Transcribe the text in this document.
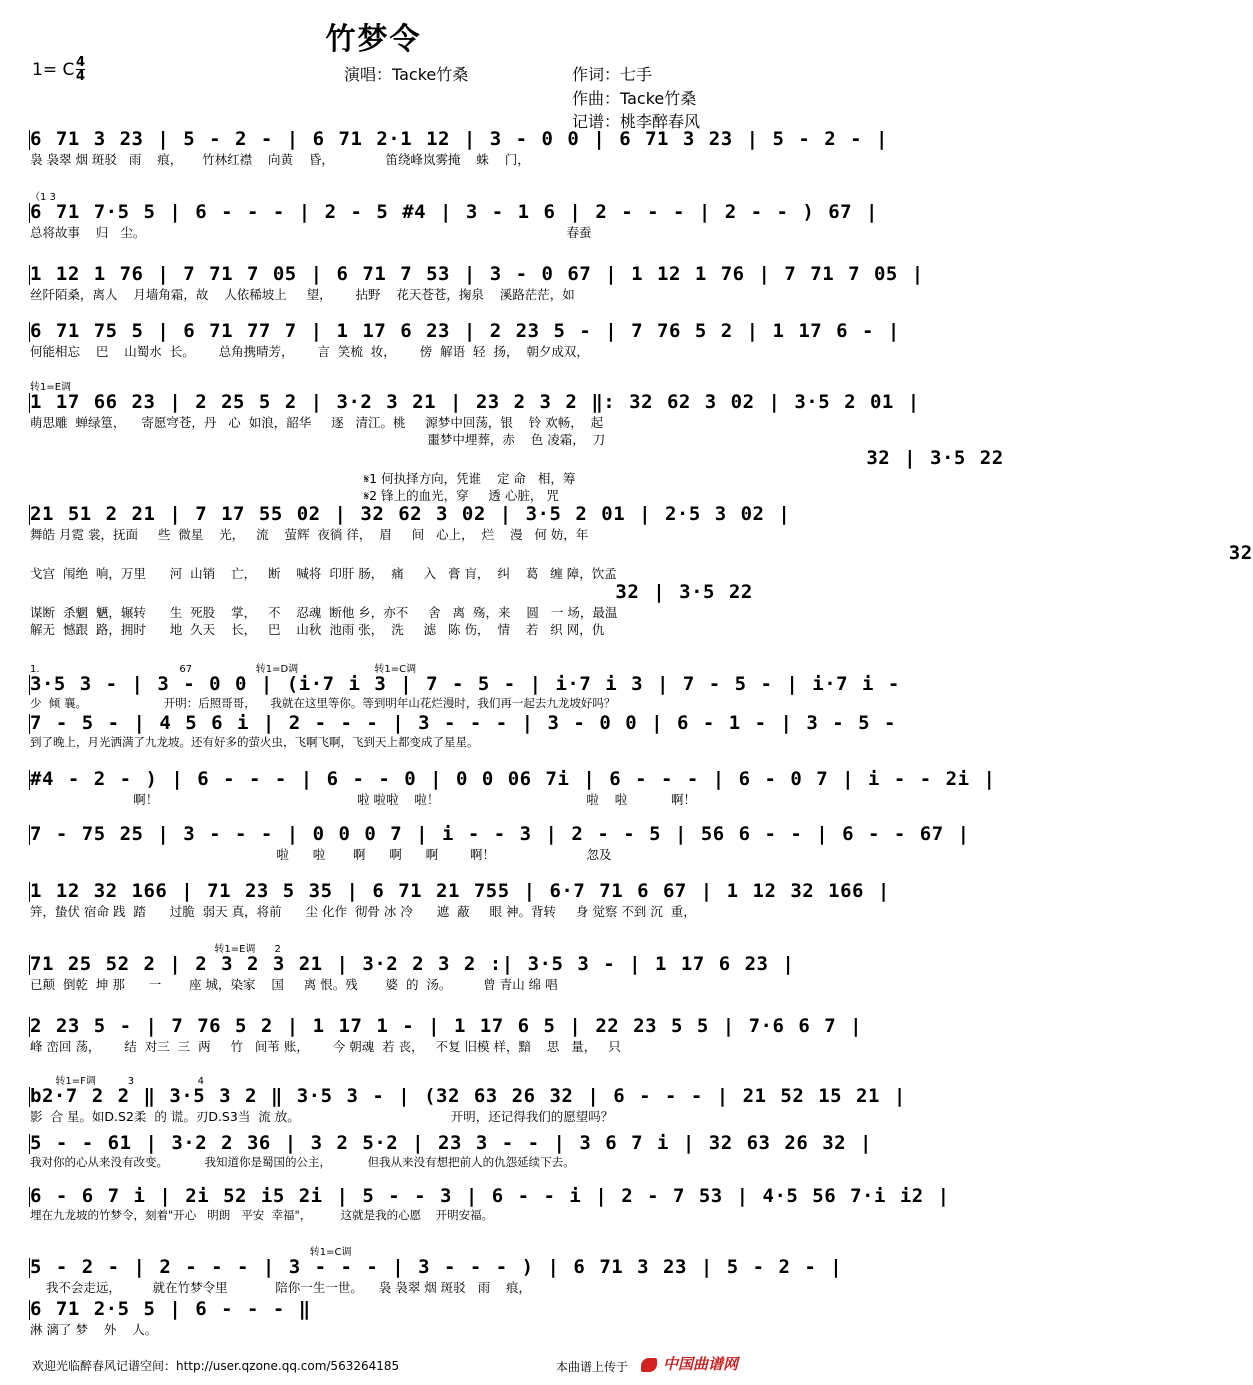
竹梦令
1= C $\frac{4}{4}$	演唱：Tacke竹桑	作词：七手
作曲：Tacke竹桑
记谱：桃李醉春风
6 71 3 23 | 5 - 2 - | 6 71 2·1 12 | 3 - 0 0 | 6 71 3 23 | 5 - 2 - |
袅 袅翠 烟 斑驳   雨    痕，     竹林红襟    向黄    昏，             笛绕峰岚雾掩    蛛    门，
（1 3
6 71 7·5 5 | 6 - - - | 2 - 5 #4 | 3 - 1 6 | 2 - - - | 2 - - ) 67 |
总将故事    归   尘。                                                                                                          春蚕
1 12 1 76 | 7 71 7 05 | 6 71 7 53 | 3 - 0 67 | 1 12 1 76 | 7 71 7 05 |
丝阡陌桑，离人    月墙角霜，故    人依稀坡上     望，      拈野    花天苍苍，掬泉    溪路茫茫，如
6 71 75 5 | 6 71 77 7 | 1 17 6 23 | 2 23 5 - | 7 76 5 2 | 1 17 6 - |
何能相忘    巴    山蜀水  长。      总角携晴芳，      言  笑梳  妆，      傍  解语  轻  扬，  朝夕成双，
转1=E调
1 17 66 23 | 2 25 5 2 | 3·2 3 21 | 23 2 3 2 ‖: 32 62 3 02 | 3·5 2 01 |
萌思雕  蝉绿篁，    寄愿穹苍，丹   心  如浪，韶华     逐   清江。桃     源梦中回荡，银    铃 欢畅，  起
噩梦中埋葬，赤    色 凌霜，  刀
32 | 3·5 22
𝄋1 何执择方向，凭谁    定 命   相，筹
𝄋2 锋上的血光，穿     透 心脏， 咒
21 51 2 21 | 7 17 55 02 | 32 62 3 02 | 3·5 2 01 | 2·5 3 02 |
舞皓 月霓 裳，抚面     些  微星    光，   流    萤辉  夜徜 徉，  眉     间   心上，  烂    漫   何 妨，年
32
戈宫  闱绝  响，万里      河  山销    亡，   断    喊将  印肝 肠，  痛     入   膏 肓，  纠    葛   缠 障，饮孟
32 | 3·5 22
谋断  杀魍  魉，辗转      生  死股    掌，   不    忍魂  断他 乡，亦不     舍   离  殇，来    圆   一 场，最温
解无  憾跟  路，拥时      地  久天    长，   巴    山秋  池雨 张，  洗     滤   陈 伤，  情    若   织 网，仇
1.                                            67                    转1=D调                        转1=C调
3·5 3 - | 3 - 0 0 | (i·7 i 3 | 7 - 5 - | i·7 i 3 | 7 - 5 - | i·7 i -
少  倾 襄。                     开明：后照哥哥，    我就在这里等你。等到明年山花烂漫时，我们再一起去九龙坡好吗？
7 - 5 - | 4 5 6 i | 2 - - - | 3 - - - | 3 - 0 0 | 6 - 1 - | 3 - 5 -
到了晚上，月光洒满了九龙坡。还有好多的萤火虫，飞啊飞啊，飞到天上都变成了星星。
#4 - 2 - ) | 6 - - - | 6 - - 0 | 0 0 06 7i | 6 - - - | 6 - 0 7 | i - - 2i |
啊！                                                  啦 啦啦    啦！                                     啦    啦           啊！
7 - 75 25 | 3 - - - | 0 0 0 7 | i - - 3 | 2 - - 5 | 56 6 - - | 6 - - 67 |
啦      啦       啊      啊      啊        啊！                       忽及
1 12 32 166 | 71 23 5 35 | 6 71 21 755 | 6·7 71 6 67 | 1 12 32 166 |
笄，蛰伏 宿命 践  踏      过脆  弱天 真，将前      尘 化作  彻骨 冰 冷      遮  蔽     眼 神。背转     身 觉察 不到 沉  重，
转1=E调      2
71 25 52 2 | 2 3 2 3 21 | 3·2 2 3 2 :| 3·5 3 - | 1 17 6 23 |
已颠  倒乾  坤 那      一       座 城，染家    国     离 恨。残       婆  的  汤。        曾 青山 绵 唱
2 23 5 - | 7 76 5 2 | 1 17 1 - | 1 17 6 5 | 22 23 5 5 | 7·6 6 7 |
峰 峦回 荡，      结  对三  三  两     竹   间苇 账，      今 朝魂  若 丧，   不复 旧模 样，黯    思   量，   只
转1=F调          3                    4
b2·7 2 2 ‖ 3·5 3 2 ‖ 3·5 3 - | (32 63 26 32 | 6 - - - | 21 52 15 21 |
影  合 星。如D.S2柔  的 谎。刃D.S3当  流 放。                                      开明，还记得我们的愿望吗？
5 - - 61 | 3·2 2 36 | 3 2 5·2 | 23 3 - - | 3 6 7 i | 32 63 26 32 |
我对你的心从来没有改变。          我知道你是蜀国的公主，          但我从来没有想把前人的仇怨延续下去。
6 - 6 7 i | 2i 52 i5 2i | 5 - - 3 | 6 - - i | 2 - 7 53 | 4·5 56 7·i i2 |
埋在九龙坡的竹梦令，刻着"开心   明朗   平安  幸福"，        这就是我的心愿    开明安福。
转1=C调
5 - 2 - | 2 - - - | 3 - - - | 3 - - - ) | 6 71 3 23 | 5 - 2 - |
我不会走远，        就在竹梦令里            陪你一生一世。    袅 袅翠 烟 斑驳   雨    痕，
6 71 2·5 5 | 6 - - - ‖
淋 漓了 梦    外    人。
欢迎光临醉春风记谱空间：http://user.qzone.qq.com/563264185	本曲谱上传于	中国曲谱网
